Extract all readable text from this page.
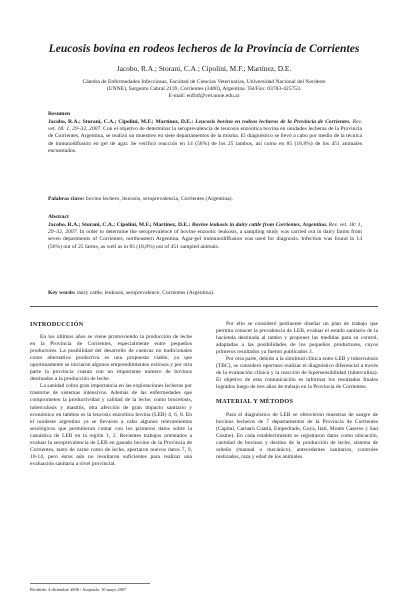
Leucosis bovina en rodeos lecheros de la Provincia de Corrientes
Jacobo, R.A.; Storani, C.A.; Cipolini, M.F.; Martínez, D.E.
Cátedra de Enfermedades Infecciosas, Facultad de Ciencias Veterinarias, Universidad Nacional del Nordeste
(UNNE), Sargento Cabral 2139, Corrientes (3400), Argentina. Tel/Fax: 03783-425753.
E-mail: enfinf@vet.unne.edu.ar
Resumen
Jacobo, R.A.; Storani, C.A.; Cipolini, M.F.; Martínez, D.E.: Leucosis bovina en rodeos lecheros de la Provincia de Corrientes. Rev. vet. 18: 1, 29–32, 2007. Con el objetivo de determinar la seroprevalencia de leucosis enzoótica bovina en unidades lecheras de la Provincia de Corrientes, Argentina, se realizó un muestreo en siete departamentos de la misma. El diagnóstico se llevó a cabo por medio de la técnica de inmunodifusión en gel de agar. Se verificó reacción en 14 (56%) de los 25 tambos, así como en 85 (18,8%) de los 451 animales encuestados.
Palabras clave: bovino lechero, leucosis, seroprevalencia, Corrientes (Argentina).
Abstract
Jacobo, R.A.; Storani, C.A.; Cipolini, M.F.; Martínez, D.E.: Bovine leukosis in dairy cattle from Corrientes, Argentina. Rev. vet. 18: 1, 29–32, 2007. In order to determine the seroprevalence of bovine enzootic leukosis, a sampling study was carried out in dairy farms from seven departments of Corrientes, northeastern Argentina. Agar-gel immunodiffusion was used for diagnosis. Infection was found in 14 (56%) out of 25 farms, as well as in 85 (18,8%) out of 451 sampled animals.
Key words: dairy cattle, leukosis, seroprevalence, Corrientes (Argentina).
INTRODUCCIÓN

En los últimos años se viene promoviendo la producción de leche en la Provincia de Corrientes, especialmente entre pequeños productores. La posibilidad del desarrollo de cuencas no tradicionales como alternativa productiva es una propuesta viable, ya que oportunamente se iniciaron algunos emprendimientos exitosos y por otra parte la provincia cuenta con un importante número de bovinos destinados a la producción de leche.

La sanidad cobra gran importancia en las explotaciones lecheras por trastorne de sistemas intensivos. Además de las enfermedades que comprometen la productividad y calidad de la leche, como brucelosis, tuberculosis y mastitis, otra afección de gran impacto sanitario y económico en tambos es la leucosis enzoótica bovina (LEB) 4, 6, 8. En el nordeste argentino ya se llevaron a cabo algunos relevamientos serológicos que permitieron contar con los primeros datos sobre la casuística de LEB en la región 1, 2. Recientes trabajos orientados a evaluar la seroprevalencia de LEB en ganado bovino de la Provincia de Corrientes, tanto de carne como de leche, aportaron nuevos datos 7, 9, 10-14, pero éstos aún no resultaron suficientes para realizar una evaluación sanitaria a nivel provincial.

Por ello se consideró pertinente diseñar un plan de trabajo que permita conocer la prevalencia de LEB, evaluar el estado sanitario de la hacienda destinada al tambo y proponer las medidas para su control, adaptadas a las posibilidades de los pequeños productores, cuyos primeros resultados ya fueron publicados 3.

Por otra parte, debido a la similitud clínica entre LEB y tuberculosis (TBC), se consideró oportuno realizar el diagnóstico diferencial a través de la evaluación clínica y la reacción de hipersensibilidad (tuberculina). El objetivo de esta comunicación es informar los resultados finales logrados luego de tres años de trabajo en la Provincia de Corrientes.

MATERIAL Y MÉTODOS

Para el diagnóstico de LEB se obtuvieron muestras de sangre de bovinos lecheros de 7 departamentos de la Provincia de Corrientes (Capital, Caruarú Cuatiá, Empedrado, Goya, Itatí, Monte Caseros y San Cosme). En cada establecimiento se registraron datos como ubicación, cantidad de bovinos y destino de la producción de leche, sistema de ordeño (manual o mecánico), antecedentes sanitarios, controles realizados, raza y edad de los animales.

Recibido: 4 diciembre 2006 / Aceptado: 10 mayo 2007
